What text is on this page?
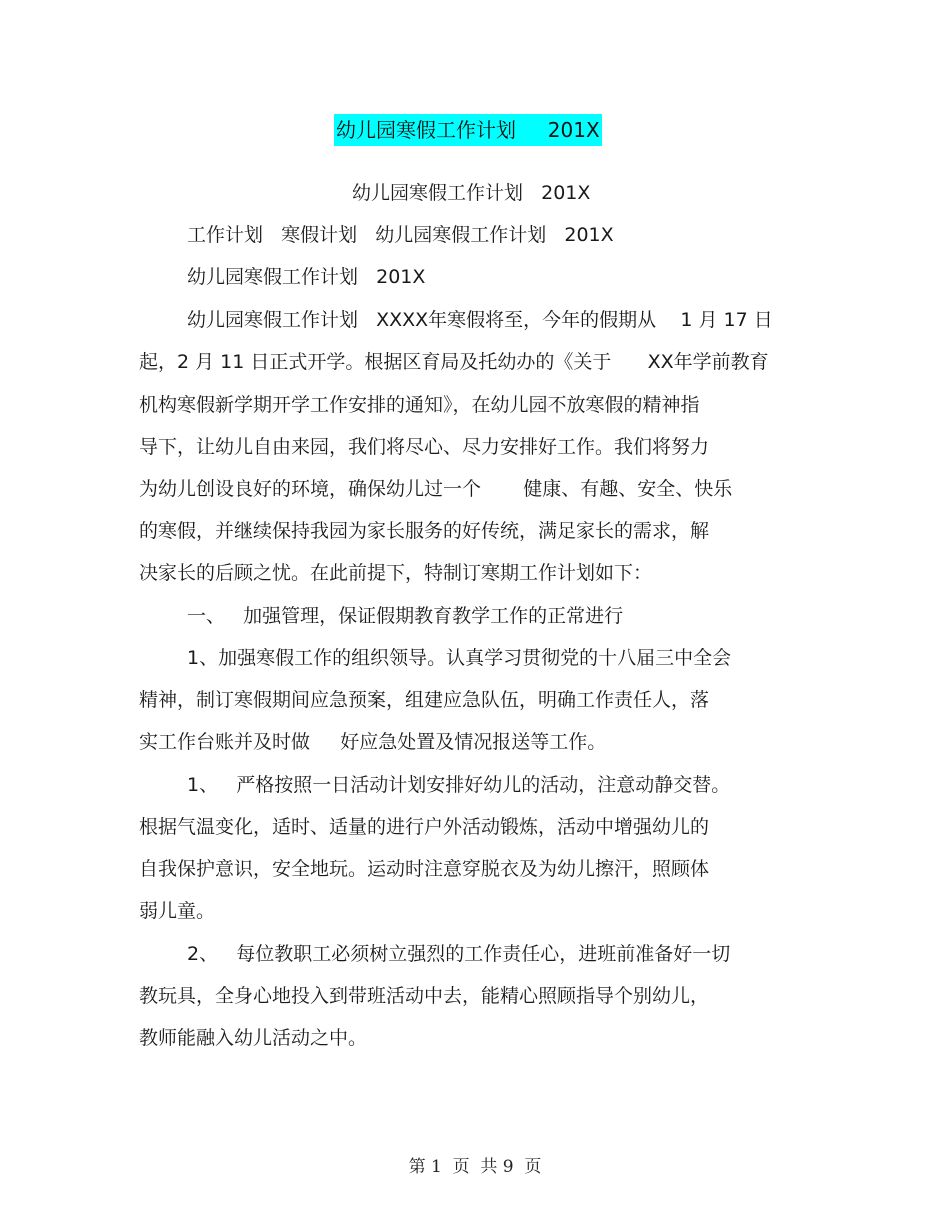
幼儿园寒假工作计划     201X
幼儿园寒假工作计划   201X
工作计划   寒假计划   幼儿园寒假工作计划   201X
幼儿园寒假工作计划   201X
幼儿园寒假工作计划   XXXX年寒假将至，今年的假期从    1 月 17 日
起，2 月 11 日正式开学。根据区育局及托幼办的《关于      XX年学前教育
机构寒假新学期开学工作安排的通知》，在幼儿园不放寒假的精神指
导下，让幼儿自由来园，我们将尽心、尽力安排好工作。我们将努力
为幼儿创设良好的环境，确保幼儿过一个       健康、有趣、安全、快乐
的寒假，并继续保持我园为家长服务的好传统，满足家长的需求，解
决家长的后顾之忧。在此前提下，特制订寒期工作计划如下：
一、   加强管理，保证假期教育教学工作的正常进行
1、加强寒假工作的组织领导。认真学习贯彻党的十八届三中全会
精神，制订寒假期间应急预案，组建应急队伍，明确工作责任人，落
实工作台账并及时做     好应急处置及情况报送等工作。
1、   严格按照一日活动计划安排好幼儿的活动，注意动静交替。
根据气温变化，适时、适量的进行户外活动锻炼，活动中增强幼儿的
自我保护意识，安全地玩。运动时注意穿脱衣及为幼儿擦汗，照顾体
弱儿童。
2、   每位教职工必须树立强烈的工作责任心，进班前准备好一切
教玩具，全身心地投入到带班活动中去，能精心照顾指导个别幼儿，
教师能融入幼儿活动之中。
第 1  页  共 9  页
